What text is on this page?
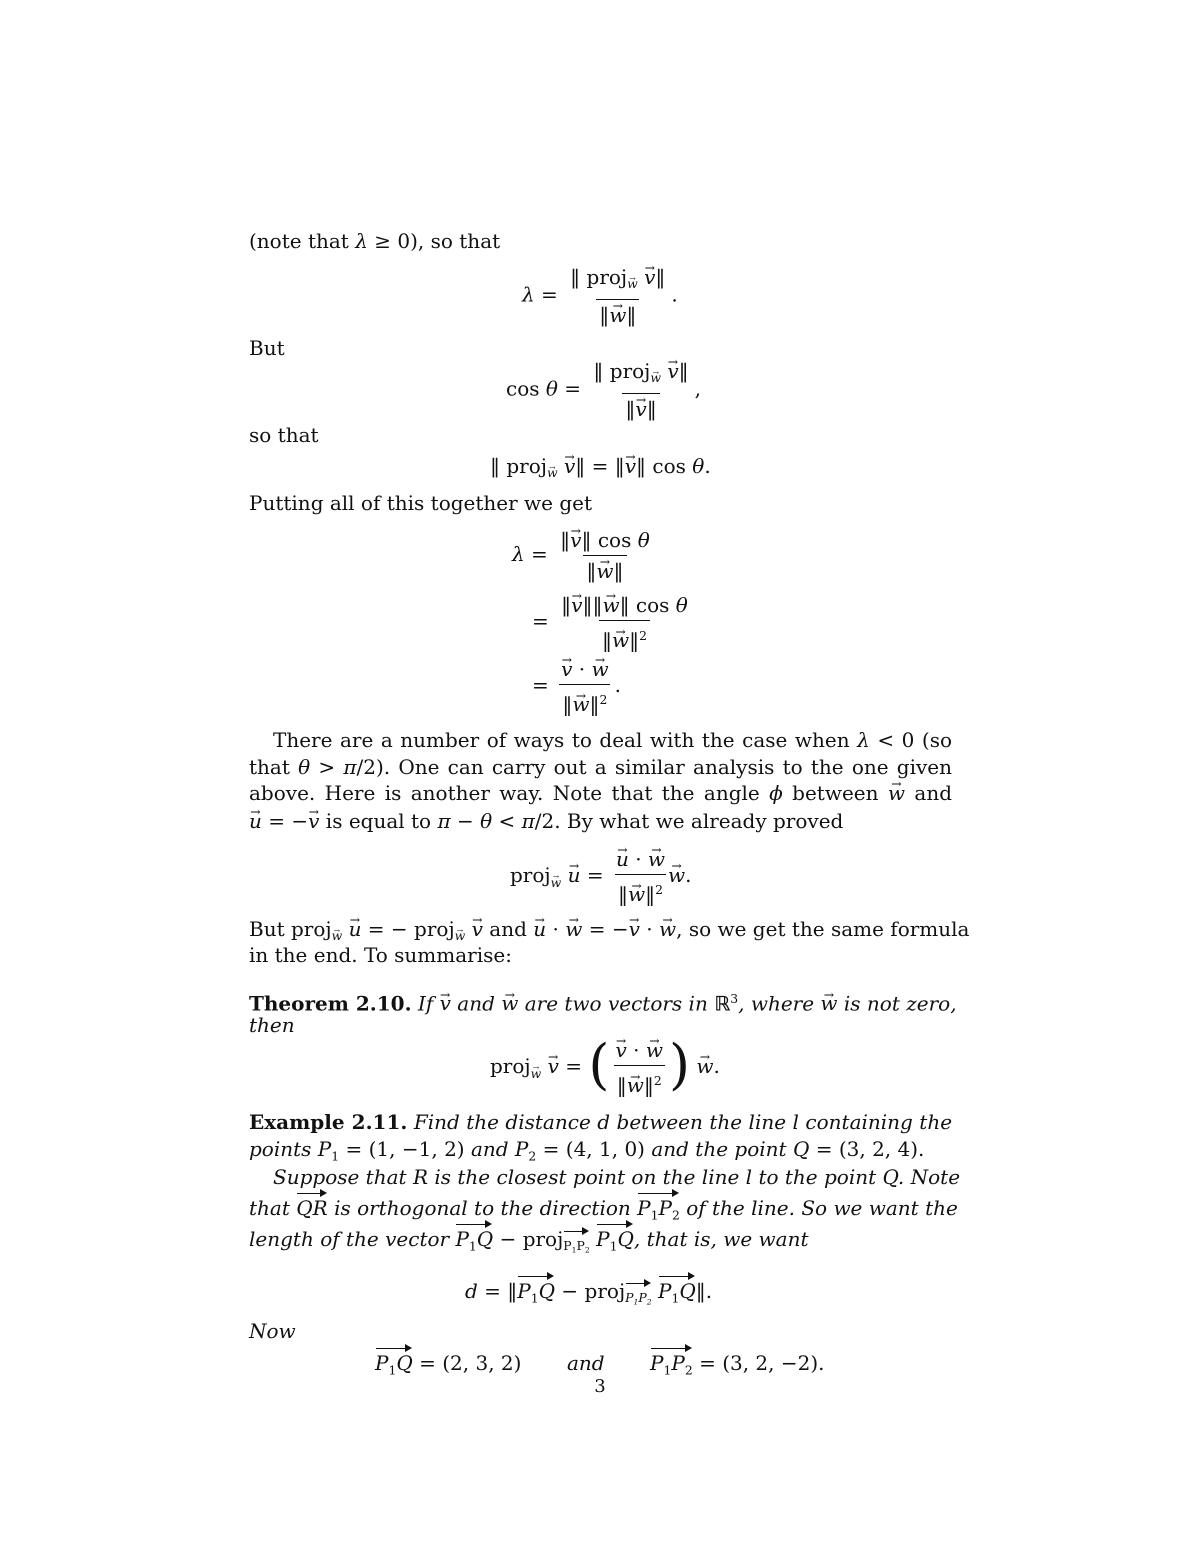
(note that λ ≥ 0), so that
$\lambda = \frac{‖ proj\to _w \to v‖}{‖\to w‖}$ .
But
$\cos \theta = \frac{‖ proj\to _w \to v‖}{‖\to v‖}$ ,
so that
‖ proj→ $_w$ → v‖ = ‖→ v‖ cos θ.
Putting all of this together we get
$\lambda = \frac{\text{‖→ v‖ cos θ}}{‖\to w‖}$
= $\frac{\text{‖→ v‖‖→ w‖ cos θ}}{‖\to w‖^2}$
=
→ $\frac{v \cdot \to w}{‖\to w‖^2}$ .
There are a number of ways to deal with the case when λ < 0 (so
that θ > π/2). One can carry out a similar analysis to the one given
above. Here is another way. Note that the angle ϕ between → w and
→ u = −→ v is equal to π − θ < π/2. By what we already proved
proj→ $_w$ → u =
→ $\frac{u \cdot \to w}{‖\to w‖^2}$
→ w.
But proj→ $_w$ → u = − proj→ $_w$ → v and → u · → w = −→ v · → w, so we get the same formula
in the end. To summarise:
Theorem 2.10. If → v and → w are two vectors in ℝ$^3$, where → w is not zero,
then
proj→ $_w$ → v = (
→ $\frac{v \cdot \to w}{‖\to w‖^2}$ ) → w.
Example 2.11. Find the distance d between the line l containing the
points $P_1 = (1$, −1, 2) and $P_2 = (4$, 1, 0) and the point Q = (3, 2, 4).
Suppose that R is the closest point on the line l to the point Q. Note
that QR is orthogonal to the direction $P_1P_2$ of the line. So we want the
length of the vector $P_1Q$ − proj$_{P_1P_2}$ $P_1Q$, that is, we want
$d = ‖P_1Q$ − proj$_{P_1P_2}$ $P_1Q‖$.
Now
$P_1Q = (2$, 3, 2) and $P_1P_2 = (3$, 2, −2).
3
